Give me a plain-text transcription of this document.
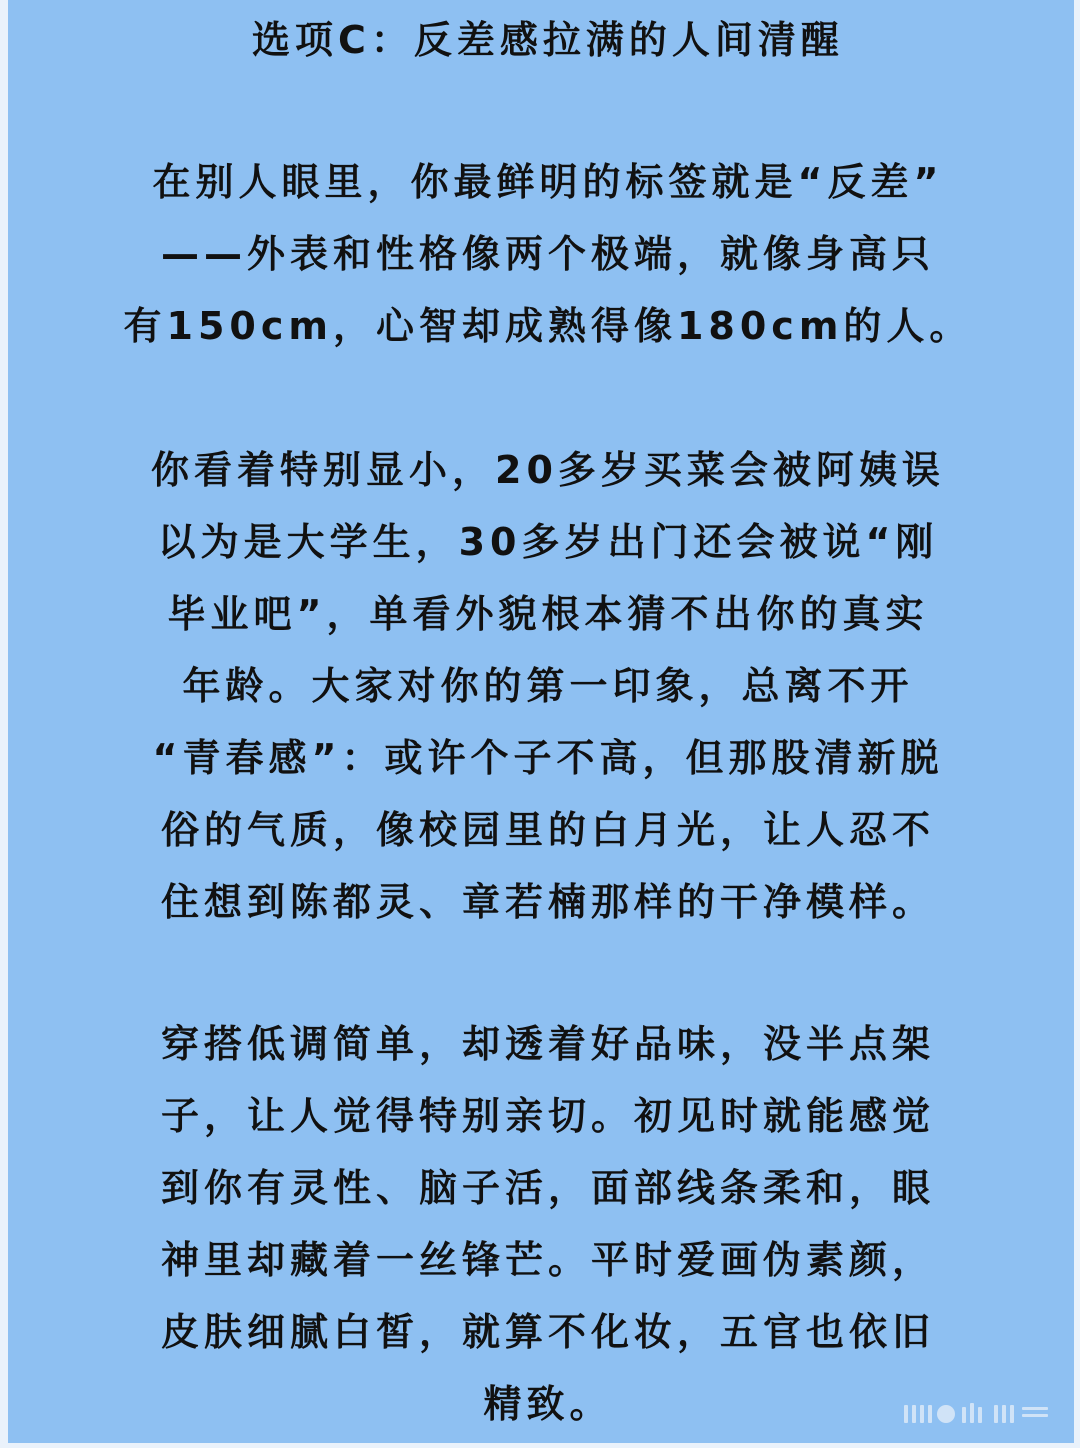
选项C：反差感拉满的人间清醒
在别人眼里，你最鲜明的标签就是“反差”
——外表和性格像两个极端，就像身高只
有150cm，心智却成熟得像180cm的人。
你看着特别显小，20多岁买菜会被阿姨误
以为是大学生，30多岁出门还会被说“刚
毕业吧”，单看外貌根本猜不出你的真实
年龄。大家对你的第一印象，总离不开
“青春感”：或许个子不高，但那股清新脱
俗的气质，像校园里的白月光，让人忍不
住想到陈都灵、章若楠那样的干净模样。
穿搭低调简单，却透着好品味，没半点架
子，让人觉得特别亲切。初见时就能感觉
到你有灵性、脑子活，面部线条柔和，眼
神里却藏着一丝锋芒。平时爱画伪素颜，
皮肤细腻白皙，就算不化妆，五官也依旧
精致。
